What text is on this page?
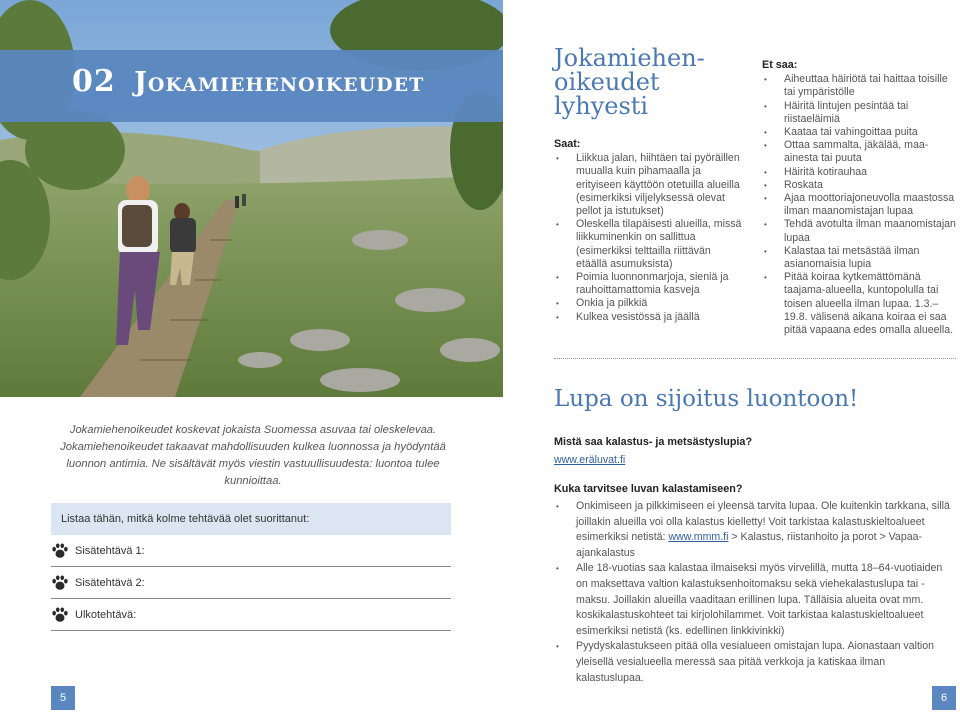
02 Jokamiehenoikeudet
Jokamiehenoikeudet koskevat jokaista Suomessa asuvaa tai oleskelevaa. Jokamiehenoikeudet takaavat mahdollisuuden kulkea luonnossa ja hyödyntää luonnon antimia. Ne sisältävät myös viestin vastuullisuudesta: luontoa tulee kunnioittaa.
Listaa tähän, mitkä kolme tehtävää olet suorittanut:
Sisätehtävä 1:
Sisätehtävä 2:
Ulkotehtävä:
5	6
Jokamiehen-
oikeudet
lyhyesti
Saat:
• Liikkua jalan, hiihtäen tai pyöräillen muualla kuin pihamaalla ja erityiseen käyttöön otetuilla alueilla (esimerkiksi viljelyksessä olevat pellot ja istutukset)
• Oleskella tilapäisesti alueilla, missä liikkuminenkin on sallittua (esimerkiksi telttailla riittävän etäällä asumuksista)
• Poimia luonnonmarjoja, sieniä ja rauhoittamattomia kasveja
• Onkia ja pilkkiä
• Kulkea vesistössä ja jäällä
Et saa:
• Aiheuttaa häiriötä tai haittaa toisille tai ympäristölle
• Häiritä lintujen pesintää tai riistaeläimiä
• Kaataa tai vahingoittaa puita
• Ottaa sammalta, jäkälää, maa-ainesta tai puuta
• Häiritä kotirauhaa
• Roskata
• Ajaa moottoriajoneuvolla maastossa ilman maanomistajan lupaa
• Tehdä avotulta ilman maanomistajan lupaa
• Kalastaa tai metsästää ilman asianomaisia lupia
• Pitää koiraa kytkemättömänä taajama-alueella, kuntopolulla tai toisen alueella ilman lupaa. 1.3.–19.8. välisenä aikana koiraa ei saa pitää vapaana edes omalla alueella.
Lupa on sijoitus luontoon!
Mistä saa kalastus- ja metsästyslupia?
www.eräluvat.fi
Kuka tarvitsee luvan kalastamiseen?
• Onkimiseen ja pilkkimiseen ei yleensä tarvita lupaa. Ole kuitenkin tarkkana, sillä joillakin alueilla voi olla kalastus kielletty! Voit tarkistaa kalastuskieltoalueet esimerkiksi netistä: www.mmm.fi > Kalastus, riistanhoito ja porot > Vapaa-ajankalastus
• Alle 18-vuotias saa kalastaa ilmaiseksi myös virvelillä, mutta 18–64-vuotiaiden on maksettava valtion kalastuksenhoitomaksu sekä viehekalastuslupa tai -maksu. Joillakin alueilla vaaditaan erillinen lupa. Tälläisia alueita ovat mm. koskikalastuskohteet tai kirjolohilammet. Voit tarkistaa kalastuskieltoalueet esimerkiksi netistä (ks. edellinen linkkivinkki)
• Pyydyskalastukseen pitää olla vesialueen omistajan lupa. Aionastaan valtion yleisellä vesialueella meressä saa pitää verkkoja ja katiskaa ilman kalastuslupaa.
